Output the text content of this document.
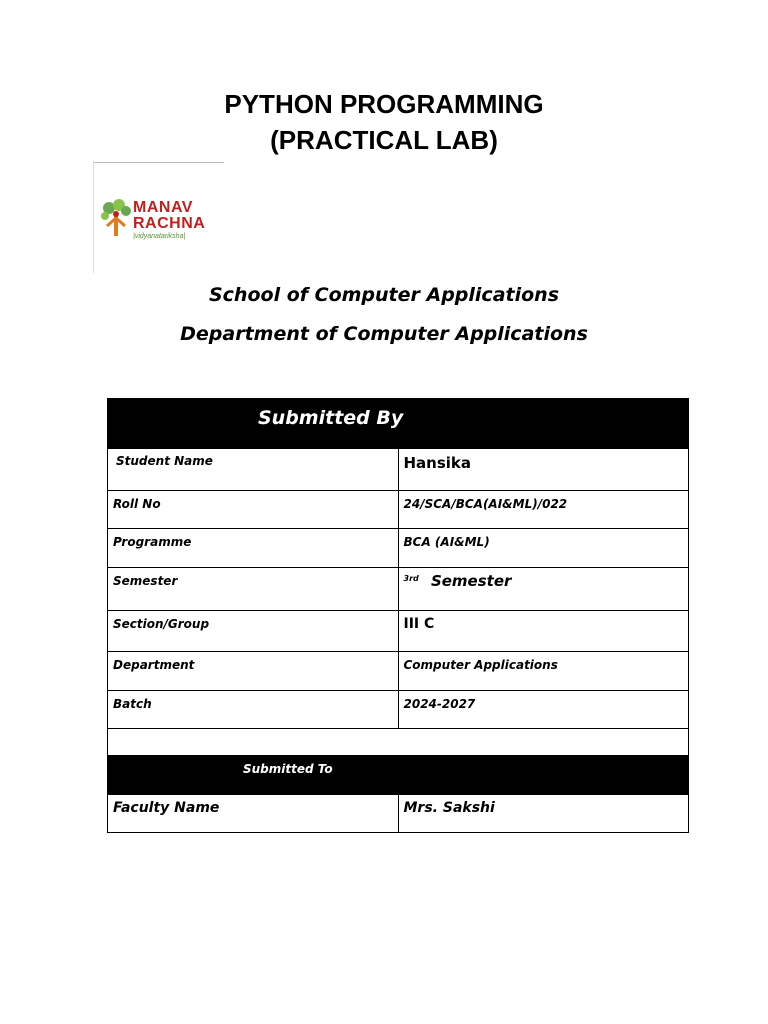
PYTHON PROGRAMMING
(PRACTICAL LAB)
MANAV
RACHNA
|vidyanatariksha|
School of Computer Applications
Department of Computer Applications
Submitted By	
Student Name	Hansika
Roll No	24/SCA/BCA(AI&ML)/022
Programme	BCA (AI&ML)
Semester	$^{3rd}$ Semester
Section/Group	III C
Department	Computer Applications
Batch	2024-2027

Submitted To	
Faculty Name	Mrs. Sakshi
